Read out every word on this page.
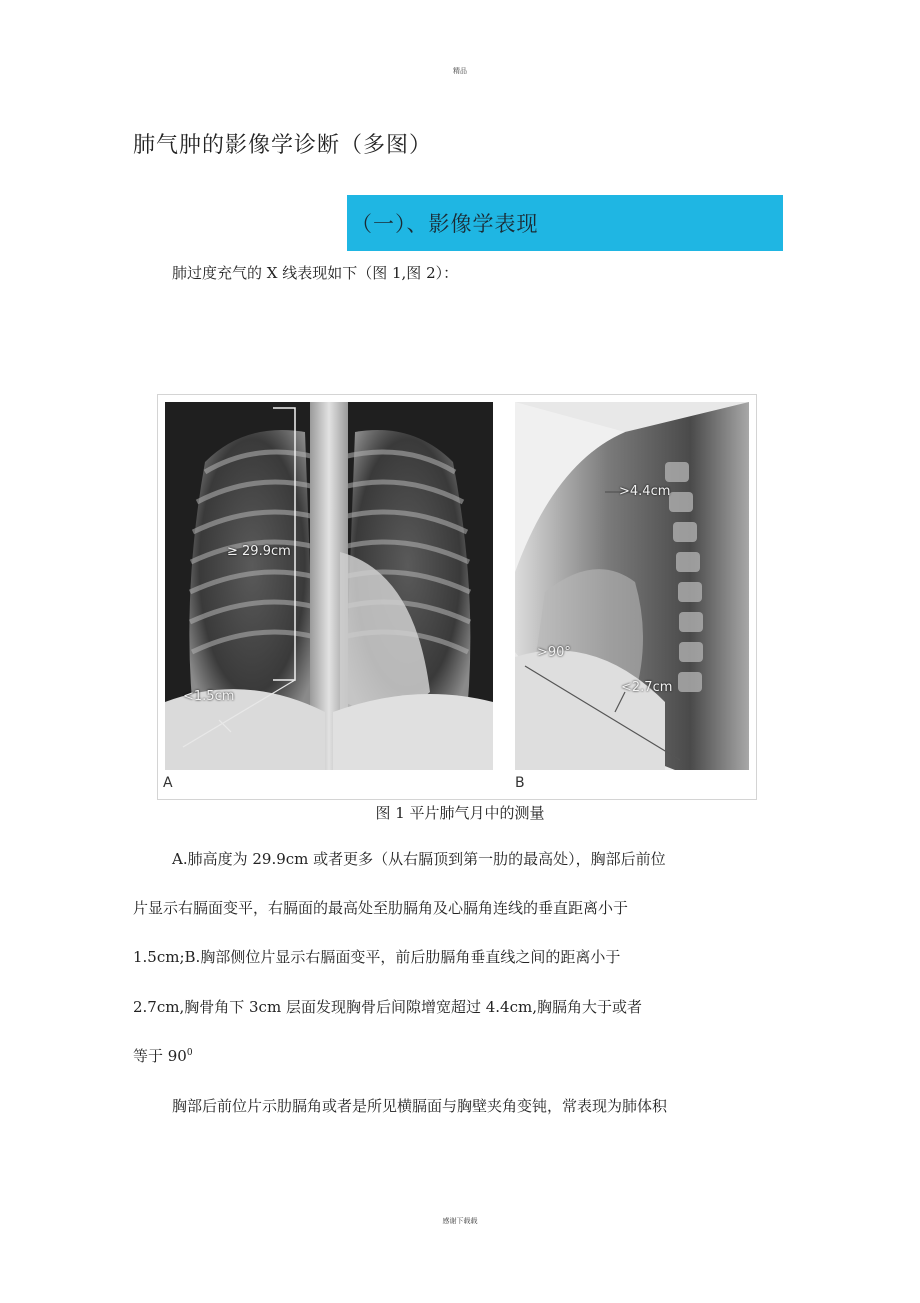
精品
肺气肿的影像学诊断（多图）
（一）、影像学表现
肺过度充气的 X 线表现如下（图 1,图 2）：
≥ 29.9cm
<1.5cm
A
>4.4cm
>90°
<2.7cm
B
图 1 平片肺气月中的测量
A.肺高度为 29.9cm 或者更多（从右膈顶到第一肋的最高处），胸部后前位
片显示右膈面变平，右膈面的最高处至肋膈角及心膈角连线的垂直距离小于
1.5cm;B.胸部侧位片显示右膈面变平，前后肋膈角垂直线之间的距离小于
2.7cm,胸骨角下 3cm 层面发现胸骨后间隙增宽超过 4.4cm,胸膈角大于或者
等于 $90^0$
胸部后前位片示肋膈角或者是所见横膈面与胸壁夹角变钝，常表现为肺体积
感谢下载载
